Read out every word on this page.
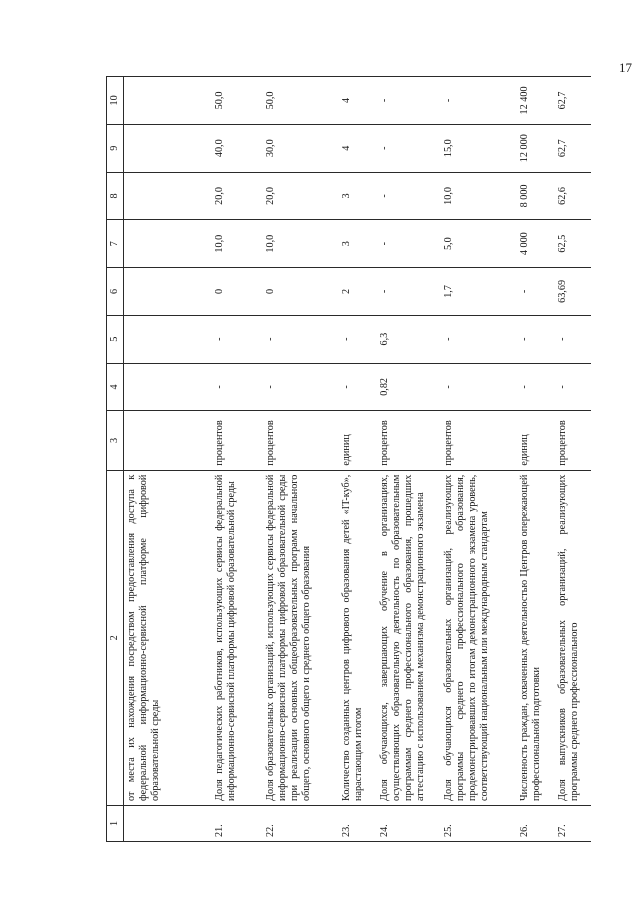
17
1	2	3	4	5	6	7	8	9	10
	от места их нахождения посредством предоставления доступа к федеральной информационно-сервисной платформе цифровой образовательной среды								
21.	Доля педагогических работников, использующих сервисы федеральной информационно-сервисной платформы цифровой образовательной среды	процентов	-	-	0	10,0	20,0	40,0	50,0
22.	Доля образовательных организаций, использующих сервисы федеральной информационно-сервисной платформы цифровой образовательной среды при реализации основных общеобразовательных программ начального общего, основного общего и среднего общего образования	процентов	-	-	0	10,0	20,0	30,0	50,0
23.	Количество созданных центров цифрового образования детей «IT-куб», нарастающим итогом	единиц	-	-	2	3	3	4	4
24.	Доля обучающихся, завершающих обучение в организациях, осуществляющих образовательную деятельность по образовательным программам среднего профессионального образования, прошедших аттестацию с использованием механизма демонстрационного экзамена	процентов	0,82	6,3	-	-	-	-	-
25.	Доля обучающихся образовательных организаций, реализующих программы среднего профессионального образования, продемонстрировавших по итогам демонстрационного экзамена уровень, соответствующий национальным или международным стандартам	процентов	-	-	1,7	5,0	10,0	15,0	-
26.	Численность граждан, охваченных деятельностью Центров опережающей профессиональной подготовки	единиц	-	-	-	4 000	8 000	12 000	12 400
27.	Доля выпускников образовательных организаций, реализующих программы среднего профессионального	процентов	-	-	63,69	62,5	62,6	62,7	62,7
